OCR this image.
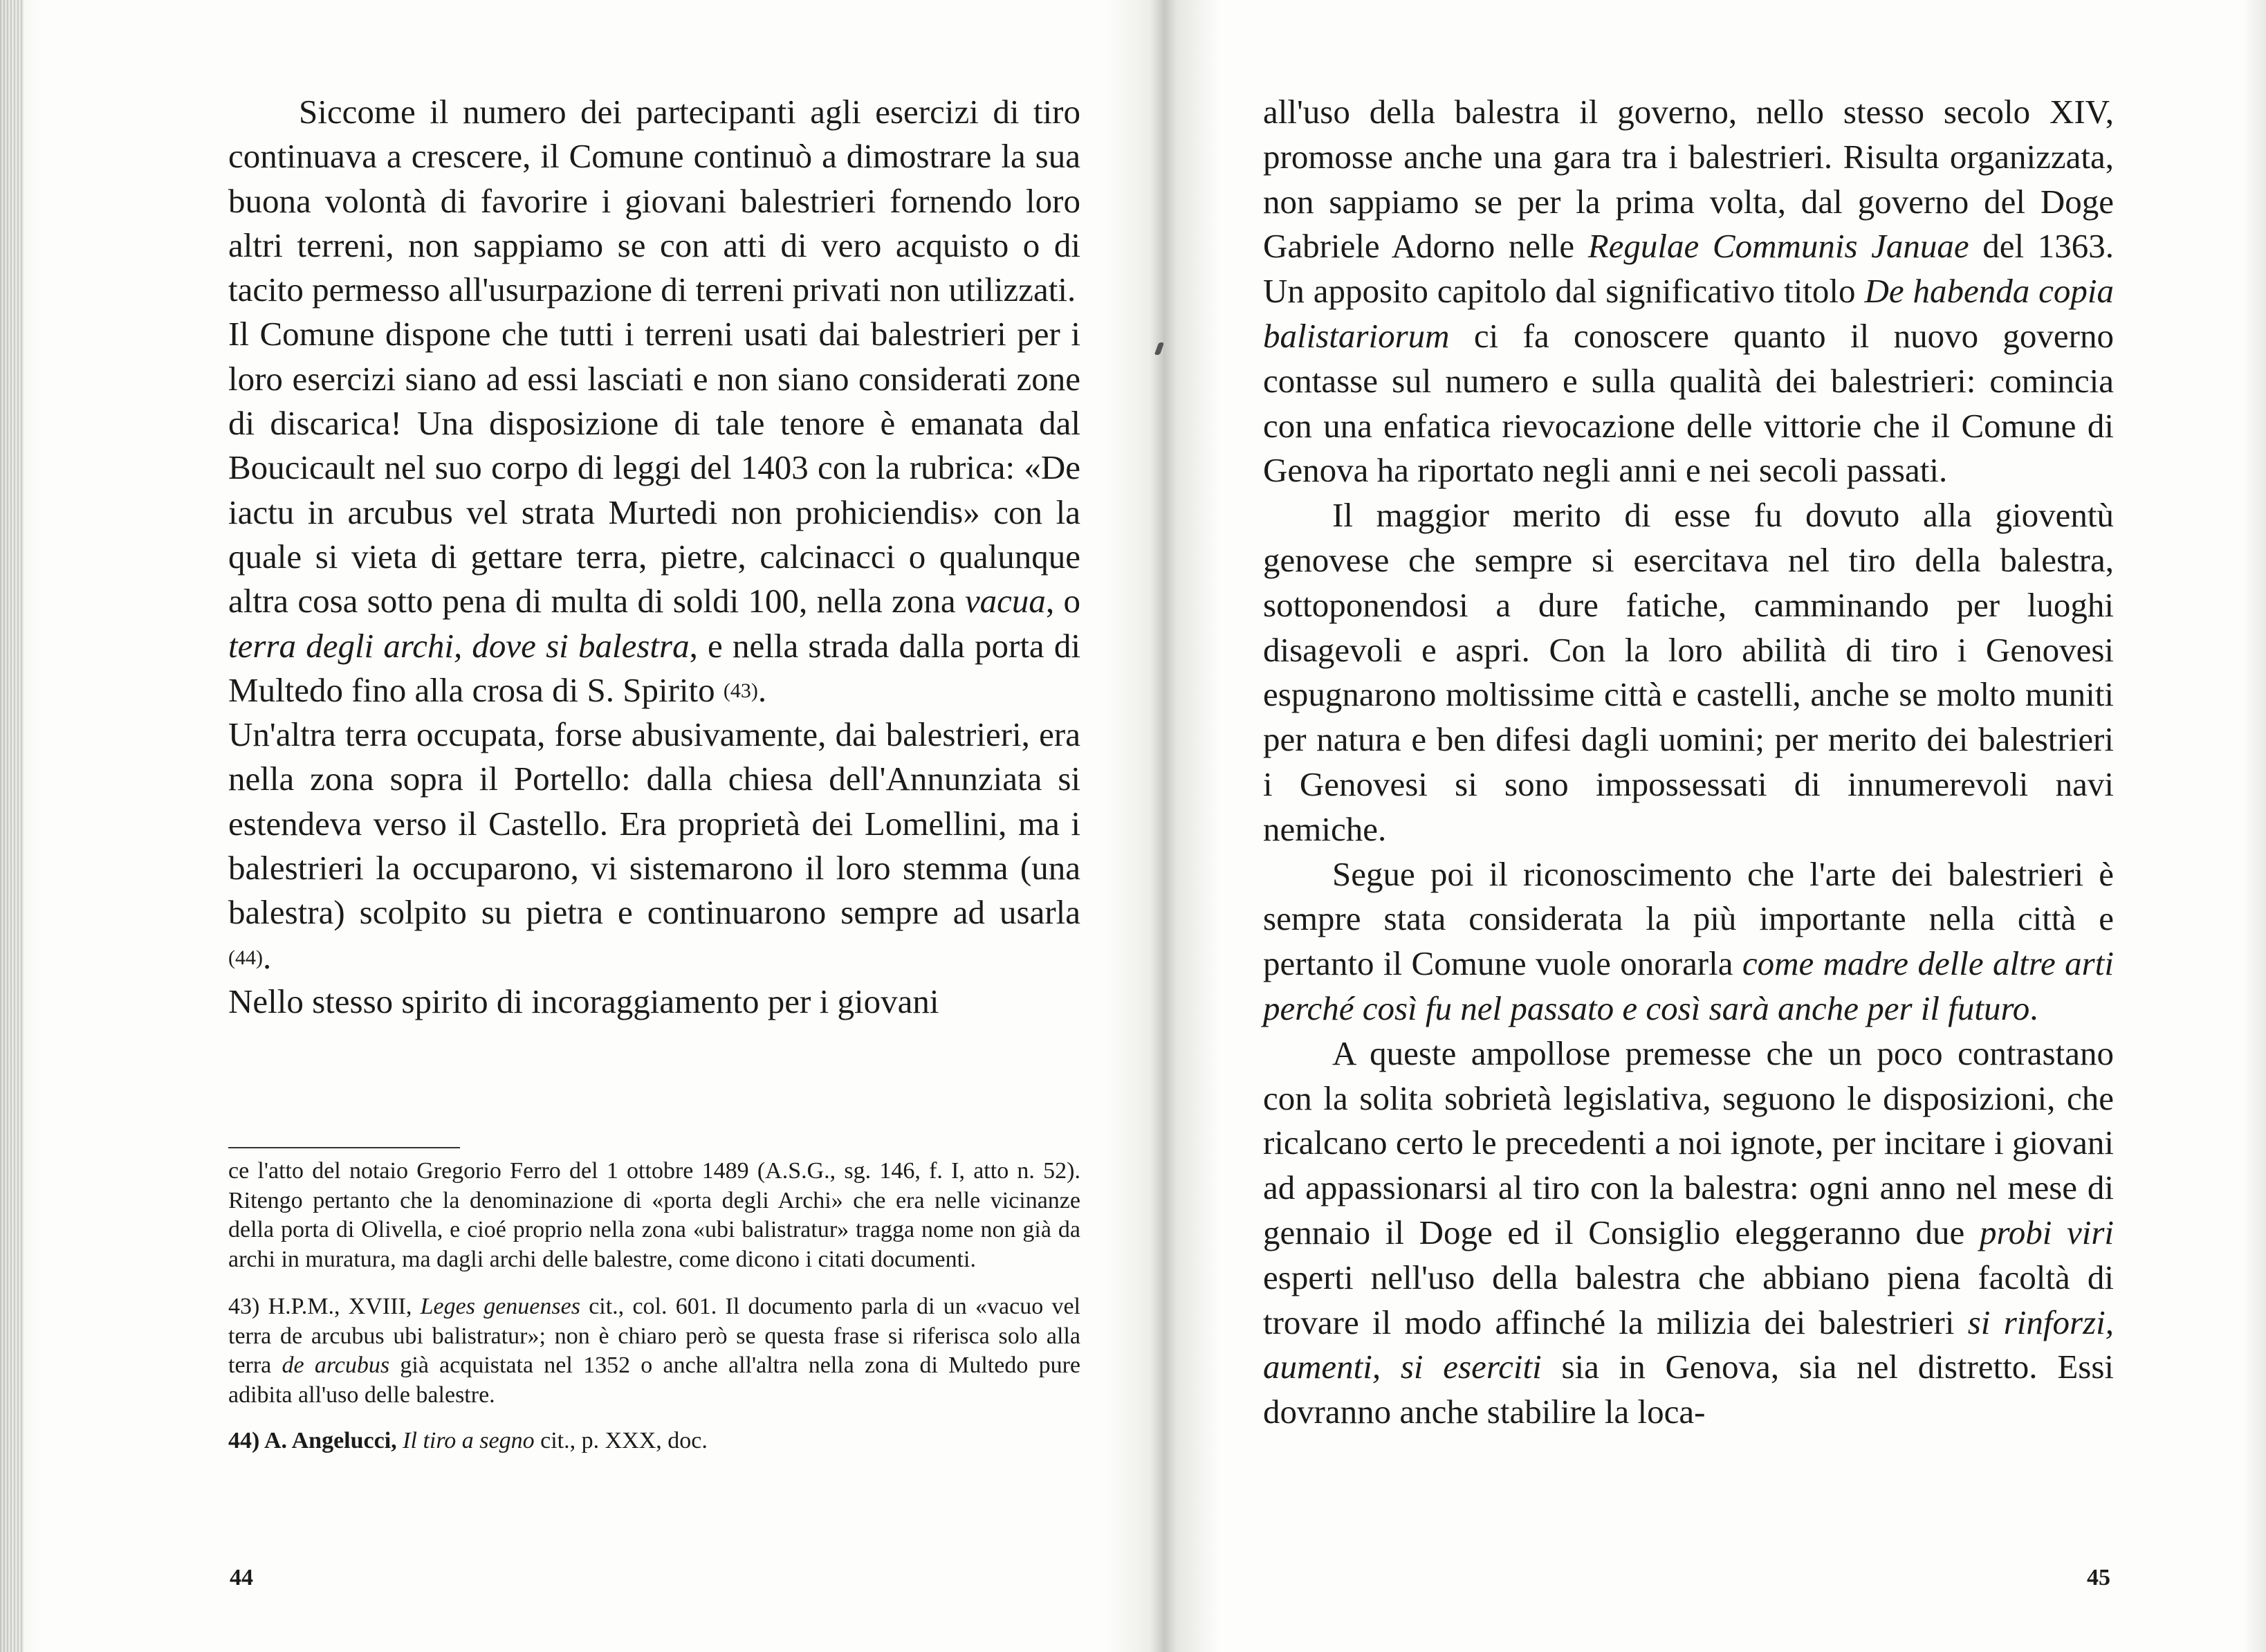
Siccome il numero dei partecipanti agli esercizi di tiro continuava a crescere, il Comune continuò a dimostrare la sua buona volontà di favorire i giovani balestrieri fornendo loro altri terreni, non sappiamo se con atti di vero acquisto o di tacito permesso all'usurpazione di terreni privati non utilizzati.

Il Comune dispone che tutti i terreni usati dai balestrieri per i loro esercizi siano ad essi lasciati e non siano considerati zone di discarica! Una disposizione di tale tenore è emanata dal Boucicault nel suo corpo di leggi del 1403 con la rubrica: «De iactu in arcubus vel strata Murtedi non prohiciendis» con la quale si vieta di gettare terra, pietre, calcinacci o qualunque altra cosa sotto pena di multa di soldi 100, nella zona vacua, o terra degli archi, dove si balestra, e nella strada dalla porta di Multedo fino alla crosa di S. Spirito $^{(43)}$.

Un'altra terra occupata, forse abusivamente, dai balestrieri, era nella zona sopra il Portello: dalla chiesa dell'Annunziata si estendeva verso il Castello. Era proprietà dei Lomellini, ma i balestrieri la occuparono, vi sistemarono il loro stemma (una balestra) scolpito su pietra e continuarono sempre ad usarla $^{(44)}$.

Nello stesso spirito di incoraggiamento per i giovani

ce l'atto del notaio Gregorio Ferro del 1 ottobre 1489 (A.S.G., sg. 146, f. I, atto n. 52). Ritengo pertanto che la denominazione di «porta degli Archi» che era nelle vicinanze della porta di Olivella, e cioé proprio nella zona «ubi balistratur» tragga nome non già da archi in muratura, ma dagli archi delle balestre, come dicono i citati documenti.

43) H.P.M., XVIII, Leges genuenses cit., col. 601. Il documento parla di un «vacuo vel terra de arcubus ubi balistratur»; non è chiaro però se questa frase si riferisca solo alla terra de arcubus già acquistata nel 1352 o anche all'altra nella zona di Multedo pure adibita all'uso delle balestre.

44) A. Angelucci, Il tiro a segno cit., p. XXX, doc.

44

all'uso della balestra il governo, nello stesso secolo XIV, promosse anche una gara tra i balestrieri. Risulta organizzata, non sappiamo se per la prima volta, dal governo del Doge Gabriele Adorno nelle Regulae Communis Januae del 1363. Un apposito capitolo dal significativo titolo De habenda copia balistariorum ci fa conoscere quanto il nuovo governo contasse sul numero e sulla qualità dei balestrieri: comincia con una enfatica rievocazione delle vittorie che il Comune di Genova ha riportato negli anni e nei secoli passati.

Il maggior merito di esse fu dovuto alla gioventù genovese che sempre si esercitava nel tiro della balestra, sottoponendosi a dure fatiche, camminando per luoghi disagevoli e aspri. Con la loro abilità di tiro i Genovesi espugnarono moltissime città e castelli, anche se molto muniti per natura e ben difesi dagli uomini; per merito dei balestrieri i Genovesi si sono impossessati di innumerevoli navi nemiche.

Segue poi il riconoscimento che l'arte dei balestrieri è sempre stata considerata la più importante nella città e pertanto il Comune vuole onorarla come madre delle altre arti perché così fu nel passato e così sarà anche per il futuro.

A queste ampollose premesse che un poco contrastano con la solita sobrietà legislativa, seguono le disposizioni, che ricalcano certo le precedenti a noi ignote, per incitare i giovani ad appassionarsi al tiro con la balestra: ogni anno nel mese di gennaio il Doge ed il Consiglio eleggeranno due probi viri esperti nell'uso della balestra che abbiano piena facoltà di trovare il modo affinché la milizia dei balestrieri si rinforzi, aumenti, si eserciti sia in Genova, sia nel distretto. Essi dovranno anche stabilire la loca-

45
